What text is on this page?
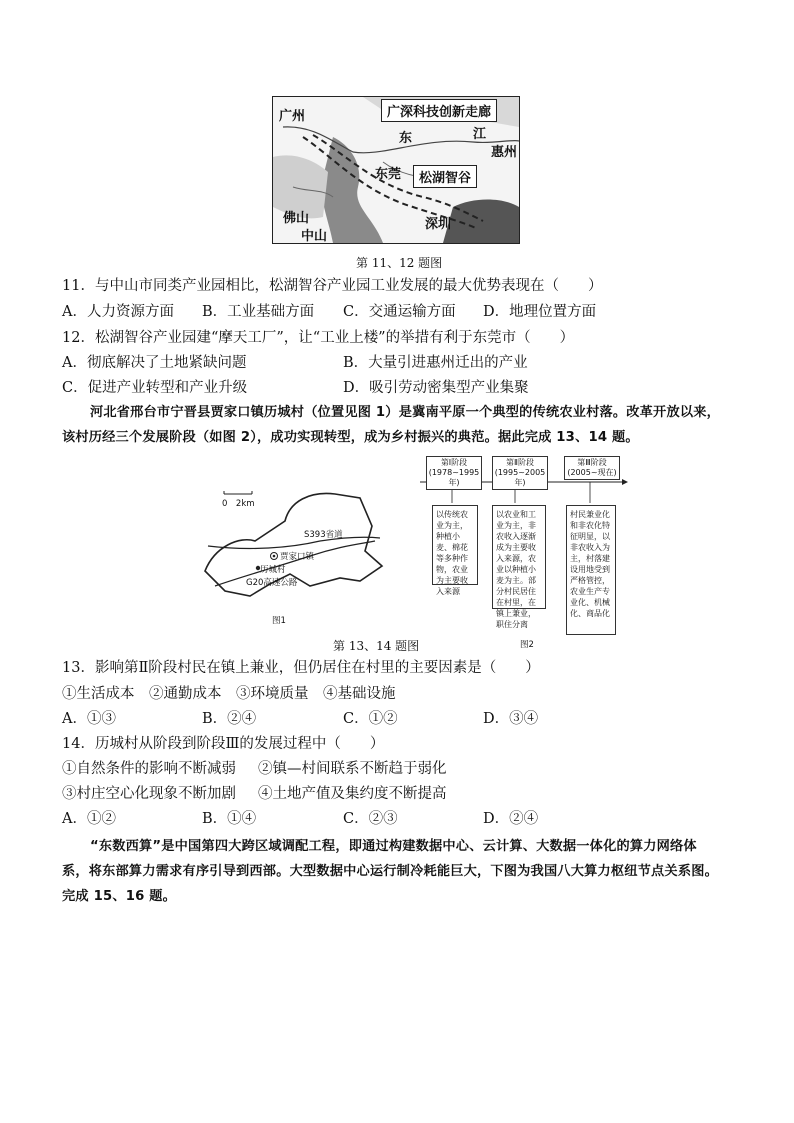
广州
东	江
惠州
东莞
佛山
中山
深圳
广深科技创新走廊
松湖智谷
第 11、12 题图
11．与中山市同类产业园相比，松湖智谷产业园工业发展的最大优势表现在（　　）
A．人力资源方面 B．工业基础方面 C．交通运输方面 D．地理位置方面
12．松湖智谷产业园建“摩天工厂”，让“工业上楼”的举措有利于东莞市（　　）
A．彻底解决了土地紧缺问题	B．大量引进惠州迁出的产业
C．促进产业转型和产业升级	D．吸引劳动密集型产业集聚

河北省邢台市宁晋县贾家口镇历城村（位置见图 1）是冀南平原一个典型的传统农业村落。改革开放以来，

该村历经三个发展阶段（如图 2），成功实现转型，成为乡村振兴的典范。据此完成 13、14 题。

0　2km
S393省道
贾家口镇
历城村
G20高速公路
图1
第Ⅰ阶段
(1978~1995年)
第Ⅱ阶段
(1995~2005年)
第Ⅲ阶段
(2005~现在)
以传统农业为主，种植小麦、棉花等多种作物，农业为主要收入来源
以农业和工业为主，非农收入逐渐成为主要收入来源，农业以种植小麦为主。部分村民居住在村里，在镇上兼业，职住分离
村民兼业化和非农化特征明显，以非农收入为主，村落建设用地受到严格管控，农业生产专业化、机械化、商品化
图2
第 13、14 题图
13．影响第Ⅱ阶段村民在镇上兼业，但仍居住在村里的主要因素是（　　）
①生活成本　②通勤成本　③环境质量　④基础设施
A．①③	B．②④	C．①②	D．③④
14．历城村从阶段到阶段Ⅲ的发展过程中（　　）
①自然条件的影响不断减弱 ②镇—村间联系不断趋于弱化
③村庄空心化现象不断加剧 ④土地产值及集约度不断提高
A．①②	B．①④	C．②③	D．②④

“东数西算”是中国第四大跨区域调配工程，即通过构建数据中心、云计算、大数据一体化的算力网络体

系，将东部算力需求有序引导到西部。大型数据中心运行制冷耗能巨大，下图为我国八大算力枢纽节点关系图。

完成 15、16 题。
